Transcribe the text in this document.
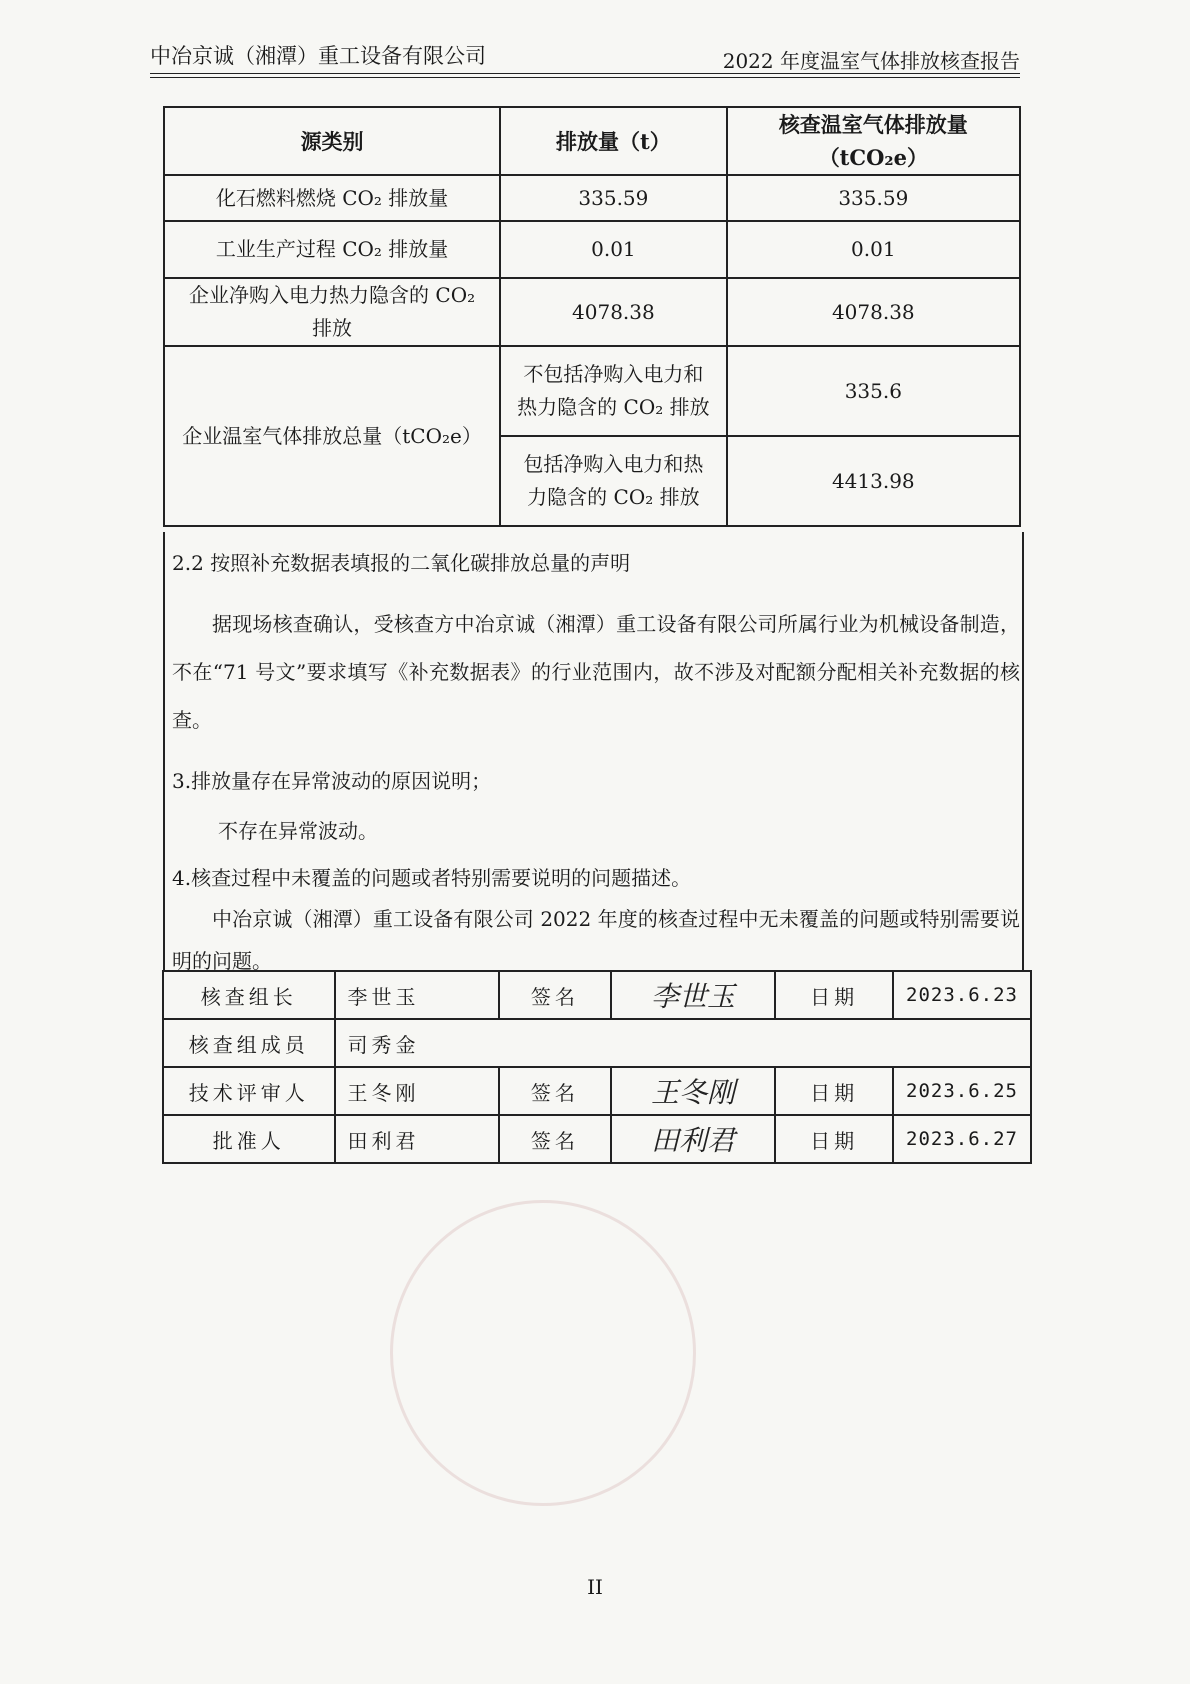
中冶京诚（湘潭）重工设备有限公司	2022 年度温室气体排放核查报告
源类别	排放量（t）	核查温室气体排放量
（tCO₂e）

化石燃料燃烧 CO₂ 排放量	335.59	335.59
工业生产过程 CO₂ 排放量	0.01	0.01

企业净购入电力热力隐含的 CO₂
排放	4078.38	4078.38
企业温室气体排放总量（tCO₂e）	不包括净购入电力和
热力隐含的 CO₂ 排放	335.6

	包括净购入电力和热
力隐含的 CO₂ 排放	4413.98
2.2 按照补充数据表填报的二氧化碳排放总量的声明
据现场核查确认，受核查方中冶京诚（湘潭）重工设备有限公司所属行业为机械设备制造，不在“71 号文”要求填写《补充数据表》的行业范围内，故不涉及对配额分配相关补充数据的核查。
3.排放量存在异常波动的原因说明；
不存在异常波动。
4.核查过程中未覆盖的问题或者特别需要说明的问题描述。
中冶京诚（湘潭）重工设备有限公司 2022 年度的核查过程中无未覆盖的问题或特别需要说明的问题。
核查组长	李世玉	签名	李世玉	日期	2023.6.23
核查组成员	司秀金				
技术评审人	王冬刚	签名	王冬刚	日期	2023.6.25
批准人	田利君	签名	田利君	日期	2023.6.27
II
